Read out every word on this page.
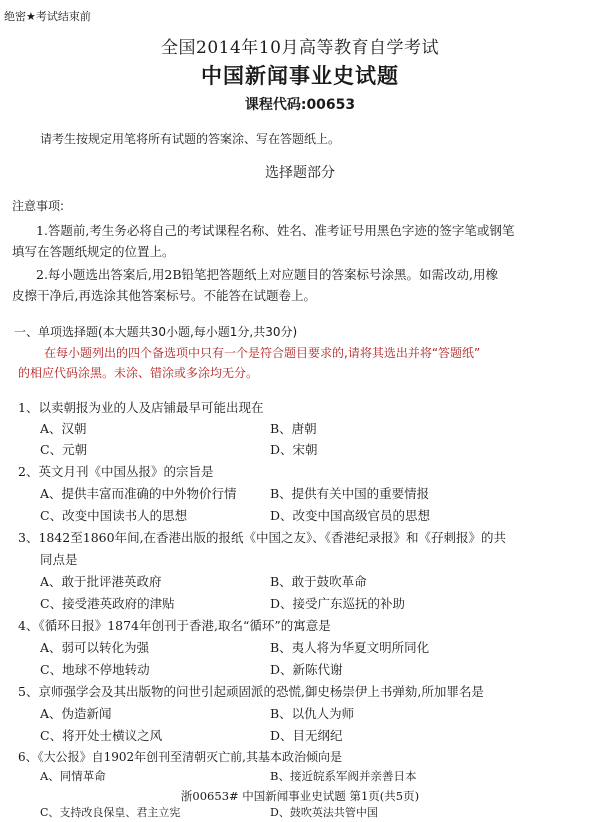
绝密★考试结束前
全国2014年10月高等教育自学考试
中国新闻事业史试题
课程代码:00653
请考生按规定用笔将所有试题的答案涂、写在答题纸上。
选择题部分
注意事项:
1.答题前,考生务必将自己的考试课程名称、姓名、准考证号用黑色字迹的签字笔或钢笔
填写在答题纸规定的位置上。
2.每小题选出答案后,用2B铅笔把答题纸上对应题目的答案标号涂黑。如需改动,用橡
皮擦干净后,再选涂其他答案标号。不能答在试题卷上。
一、单项选择题(本大题共30小题,每小题1分,共30分)
在每小题列出的四个备选项中只有一个是符合题目要求的,请将其选出并将“答题纸”
的相应代码涂黑。未涂、错涂或多涂均无分。
1、以卖朝报为业的人及店铺最早可能出现在
A、汉朝	B、唐朝
C、元朝	D、宋朝
2、英文月刊《中国丛报》的宗旨是
A、提供丰富而准确的中外物价行情	B、提供有关中国的重要情报
C、改变中国读书人的思想	D、改变中国高级官员的思想
3、1842至1860年间,在香港出版的报纸《中国之友》、《香港纪录报》和《孖刺报》的共
同点是
A、敢于批评港英政府	B、敢于鼓吹革命
C、接受港英政府的津贴	D、接受广东巡抚的补助
4、《循环日报》1874年创刊于香港,取名“循环”的寓意是
A、弱可以转化为强	B、夷人将为华夏文明所同化
C、地球不停地转动	D、新陈代谢
5、京师强学会及其出版物的问世引起顽固派的恐慌,御史杨崇伊上书弹劾,所加罪名是
A、伪造新闻	B、以仇人为师
C、将开处士横议之风	D、目无纲纪
6、《大公报》自1902年创刊至清朝灭亡前,其基本政治倾向是
浙00653# 中国新闻事业史试题 第1页(共5页)
A、同情革命	B、接近皖系军阀并亲善日本
C、支持改良保皇、君主立宪	D、鼓吹英法共管中国
